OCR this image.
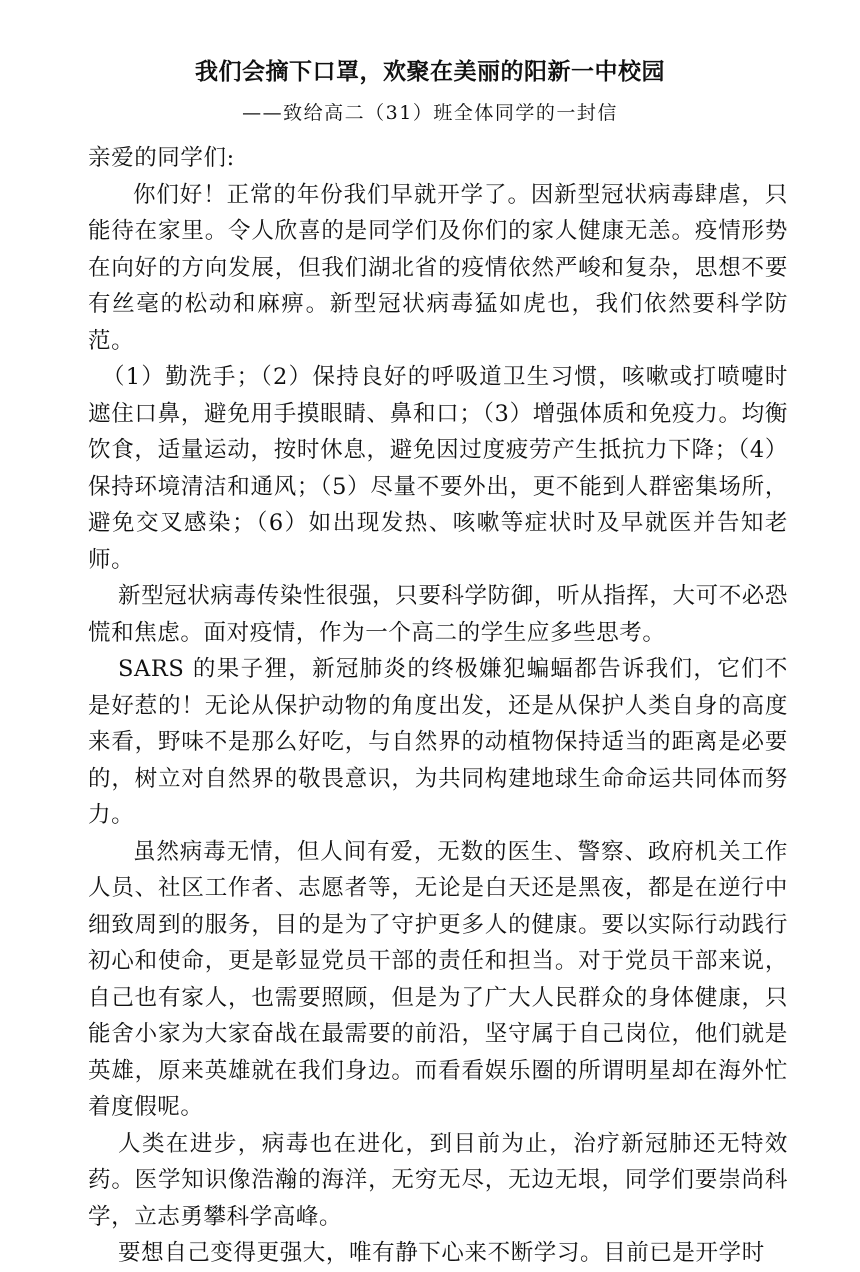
我们会摘下口罩，欢聚在美丽的阳新一中校园
——致给高二（31）班全体同学的一封信

亲爱的同学们:

你们好！正常的年份我们早就开学了。因新型冠状病毒肆虐，只能待在家里。令人欣喜的是同学们及你们的家人健康无恙。疫情形势在向好的方向发展，但我们湖北省的疫情依然严峻和复杂，思想不要有丝毫的松动和麻痹。新型冠状病毒猛如虎也，我们依然要科学防范。

（1）勤洗手；（2）保持良好的呼吸道卫生习惯，咳嗽或打喷嚏时遮住口鼻，避免用手摸眼睛、鼻和口；（3）增强体质和免疫力。均衡饮食，适量运动，按时休息，避免因过度疲劳产生抵抗力下降；（4）保持环境清洁和通风；（5）尽量不要外出，更不能到人群密集场所，避免交叉感染；（6）如出现发热、咳嗽等症状时及早就医并告知老师。

新型冠状病毒传染性很强，只要科学防御，听从指挥，大可不必恐慌和焦虑。面对疫情，作为一个高二的学生应多些思考。

SARS 的果子狸，新冠肺炎的终极嫌犯蝙蝠都告诉我们，它们不是好惹的！无论从保护动物的角度出发，还是从保护人类自身的高度来看，野味不是那么好吃，与自然界的动植物保持适当的距离是必要的，树立对自然界的敬畏意识，为共同构建地球生命命运共同体而努力。

虽然病毒无情，但人间有爱，无数的医生、警察、政府机关工作人员、社区工作者、志愿者等，无论是白天还是黑夜，都是在逆行中细致周到的服务，目的是为了守护更多人的健康。要以实际行动践行初心和使命，更是彰显党员干部的责任和担当。对于党员干部来说，自己也有家人，也需要照顾，但是为了广大人民群众的身体健康，只能舍小家为大家奋战在最需要的前沿，坚守属于自己岗位，他们就是英雄，原来英雄就在我们身边。而看看娱乐圈的所谓明星却在海外忙着度假呢。

人类在进步，病毒也在进化，到目前为止，治疗新冠肺还无特效药。医学知识像浩瀚的海洋，无穷无尽，无边无垠，同学们要崇尚科学，立志勇攀科学高峰。

要想自己变得更强大，唯有静下心来不断学习。目前已是开学时
